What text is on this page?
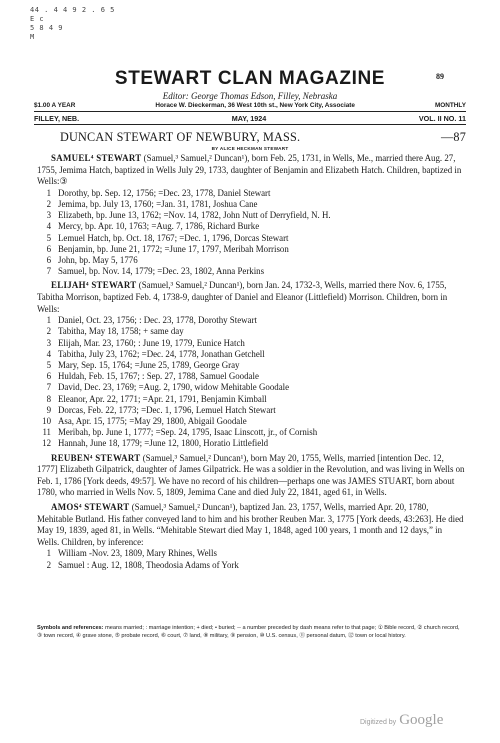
44 . 4 4 9 2 . 6 5
E c
5 8 4 9
M
89
STEWART CLAN MAGAZINE
Editor: George Thomas Edson, Filley, Nebraska
$1.00 A YEAR	Horace W. Dieckerman, 36 West 10th st., New York City, Associate	MONTHLY
FILLEY, NEB.	MAY, 1924	VOL. II NO. 11
DUNCAN STEWART OF NEWBURY, MASS.	—87
BY ALICE HECKMAN STEWART

SAMUEL⁴ STEWART (Samuel,³ Samuel,² Duncan¹), born Feb. 25, 1731, in Wells, Me., married there Aug. 27, 1755, Jemima Hatch, baptized in Wells July 29, 1733, daughter of Benjamin and Elizabeth Hatch. Children, baptized in Wells:③

1 Dorothy, bp. Sep. 12, 1756; =Dec. 23, 1778, Daniel Stewart
2 Jemima, bp. July 13, 1760; =Jan. 31, 1781, Joshua Cane
3 Elizabeth, bp. June 13, 1762; =Nov. 14, 1782, John Nutt of Derryfield, N. H.
4 Mercy, bp. Apr. 10, 1763; =Aug. 7, 1786, Richard Burke
5 Lemuel Hatch, bp. Oct. 18, 1767; =Dec. 1, 1796, Dorcas Stewart
6 Benjamin, bp. June 21, 1772; =June 17, 1797, Meribah Morrison
6 John, bp. May 5, 1776
7 Samuel, bp. Nov. 14, 1779; =Dec. 23, 1802, Anna Perkins

ELIJAH⁴ STEWART (Samuel,³ Samuel,² Duncan¹), born Jan. 24, 1732-3, Wells, married there Nov. 6, 1755, Tabitha Morrison, baptized Feb. 4, 1738-9, daughter of Daniel and Eleanor (Littlefield) Morrison. Children, born in Wells:

1 Daniel, Oct. 23, 1756; : Dec. 23, 1778, Dorothy Stewart
2 Tabitha, May 18, 1758; + same day
3 Elijah, Mar. 23, 1760; : June 19, 1779, Eunice Hatch
4 Tabitha, July 23, 1762; =Dec. 24, 1778, Jonathan Getchell
5 Mary, Sep. 15, 1764; =June 25, 1789, George Gray
6 Huldah, Feb. 15, 1767; : Sep. 27, 1788, Samuel Goodale
7 David, Dec. 23, 1769; =Aug. 2, 1790, widow Mehitable Goodale
8 Eleanor, Apr. 22, 1771; =Apr. 21, 1791, Benjamin Kimball
9 Dorcas, Feb. 22, 1773; =Dec. 1, 1796, Lemuel Hatch Stewart
10 Asa, Apr. 15, 1775; =May 29, 1800, Abigail Goodale
11 Meribah, bp. June 1, 1777; =Sep. 24, 1795, Isaac Linscott, jr., of Cornish
12 Hannah, June 18, 1779; =June 12, 1800, Horatio Littlefield

REUBEN⁴ STEWART (Samuel,³ Samuel,² Duncan¹), born May 20, 1755, Wells, married [intention Dec. 12, 1777] Elizabeth Gilpatrick, daughter of James Gilpatrick. He was a soldier in the Revolution, and was living in Wells on Feb. 1, 1786 [York deeds, 49:57]. We have no record of his children—perhaps one was JAMES STUART, born about 1780, who married in Wells Nov. 5, 1809, Jemima Cane and died July 22, 1841, aged 61, in Wells.

AMOS⁴ STEWART (Samuel,³ Samuel,² Duncan¹), baptized Jan. 23, 1757, Wells, married Apr. 20, 1780, Mehitable Butland. His father conveyed land to him and his brother Reuben Mar. 3, 1775 [York deeds, 43:263]. He died May 19, 1839, aged 81, in Wells. “Mehitable Stewart died May 1, 1848, aged 100 years, 1 month and 12 days,” in Wells. Children, by inference:

1 William -Nov. 23, 1809, Mary Rhines, Wells
2 Samuel : Aug. 12, 1808, Theodosia Adams of York
Symbols and references: means married; : marriage intention; + died; • buried; -- a number preceded by dash means refer to that page; ① Bible record, ② church record, ③ town record, ④ grave stone, ⑤ probate record, ⑥ court, ⑦ land, ⑧ military, ⑨ pension, ⑩ U.S. census, ⑪ personal datum, ⑫ town or local history.
Digitized by Google
